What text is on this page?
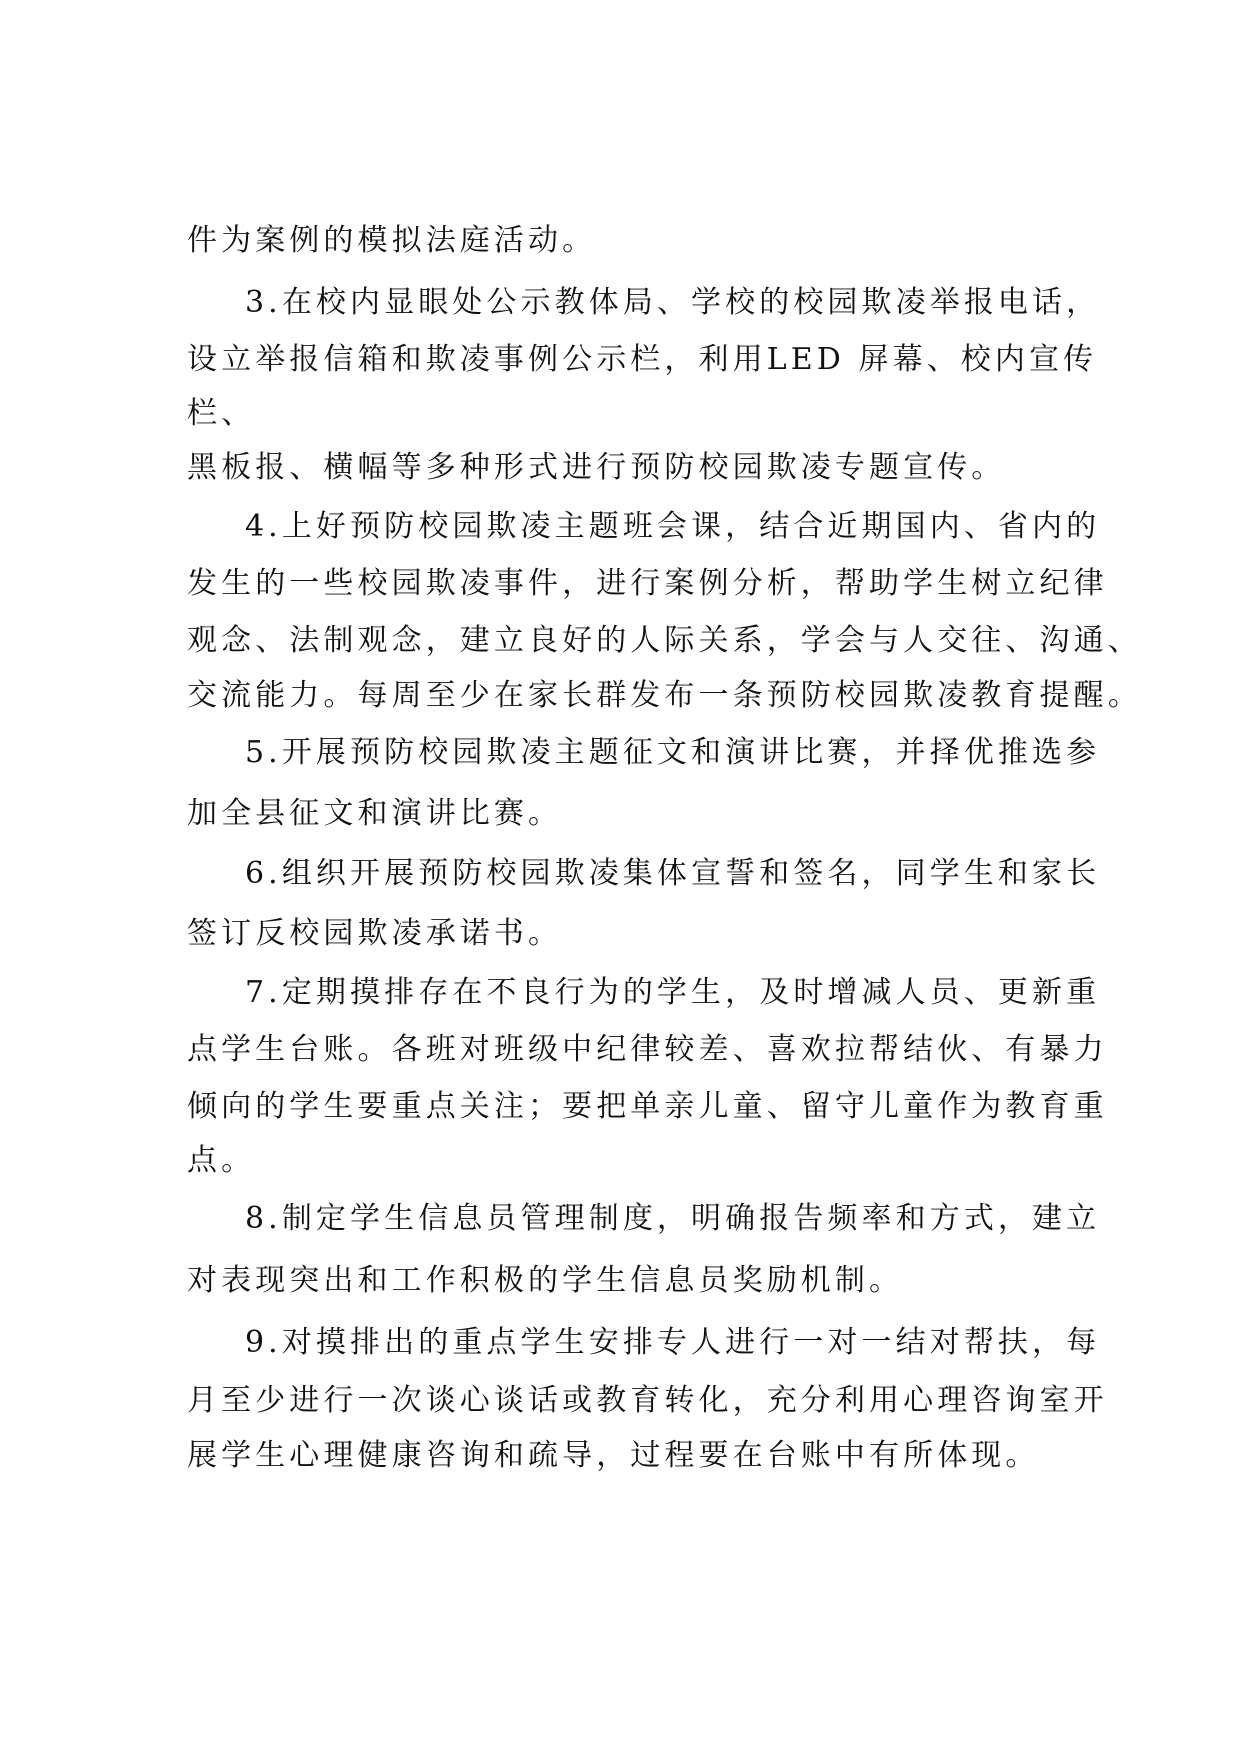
件为案例的模拟法庭活动。
3.在校内显眼处公示教体局、学校的校园欺凌举报电话，
设立举报信箱和欺凌事例公示栏，利用LED 屏幕、校内宣传
栏、
黑板报、横幅等多种形式进行预防校园欺凌专题宣传。
4.上好预防校园欺凌主题班会课，结合近期国内、省内的
发生的一些校园欺凌事件，进行案例分析，帮助学生树立纪律
观念、法制观念，建立良好的人际关系，学会与人交往、沟通、
交流能力。每周至少在家长群发布一条预防校园欺凌教育提醒。
5.开展预防校园欺凌主题征文和演讲比赛，并择优推选参
加全县征文和演讲比赛。
6.组织开展预防校园欺凌集体宣誓和签名，同学生和家长
签订反校园欺凌承诺书。
7.定期摸排存在不良行为的学生，及时增减人员、更新重
点学生台账。各班对班级中纪律较差、喜欢拉帮结伙、有暴力
倾向的学生要重点关注；要把单亲儿童、留守儿童作为教育重
点。
8.制定学生信息员管理制度，明确报告频率和方式，建立
对表现突出和工作积极的学生信息员奖励机制。
9.对摸排出的重点学生安排专人进行一对一结对帮扶，每
月至少进行一次谈心谈话或教育转化，充分利用心理咨询室开
展学生心理健康咨询和疏导，过程要在台账中有所体现。
